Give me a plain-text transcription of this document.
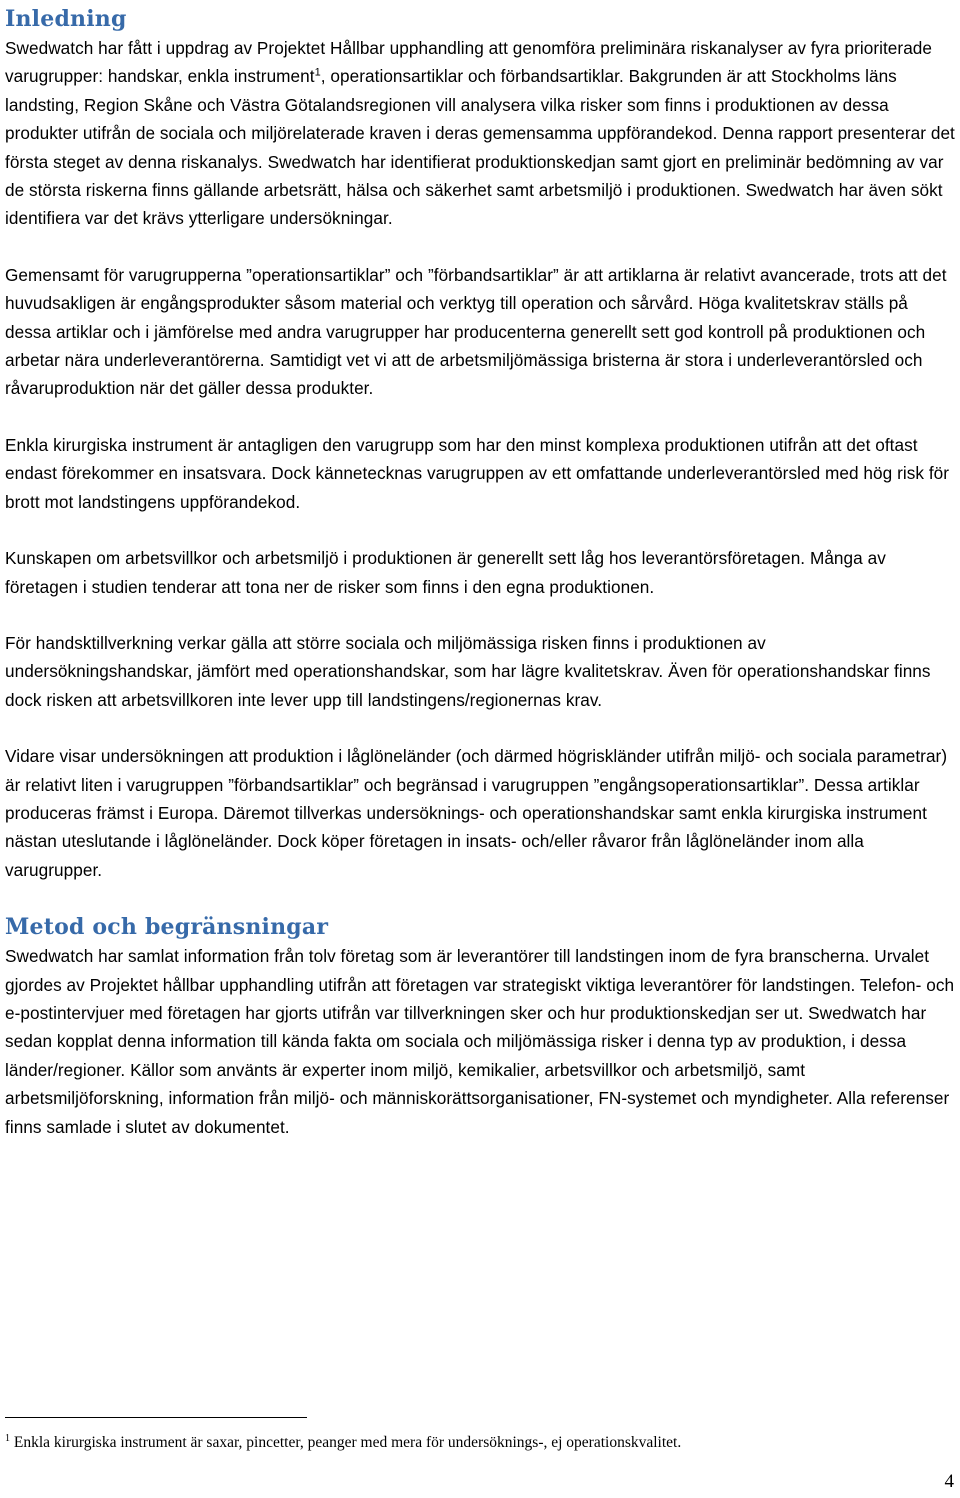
Inledning

Swedwatch har fått i uppdrag av Projektet Hållbar upphandling att genomföra preliminära riskanalyser av fyra prioriterade varugrupper: handskar, enkla instrument$^1$, operationsartiklar och förbandsartiklar. Bakgrunden är att Stockholms läns landsting, Region Skåne och Västra Götalandsregionen vill analysera vilka risker som finns i produktionen av dessa produkter utifrån de sociala och miljörelaterade kraven i deras gemensamma uppförandekod. Denna rapport presenterar det första steget av denna riskanalys. Swedwatch har identifierat produktionskedjan samt gjort en preliminär bedömning av var de största riskerna finns gällande arbetsrätt, hälsa och säkerhet samt arbetsmiljö i produktionen. Swedwatch har även sökt identifiera var det krävs ytterligare undersökningar.

Gemensamt för varugrupperna ”operationsartiklar” och ”förbandsartiklar” är att artiklarna är relativt avancerade, trots att det huvudsakligen är engångsprodukter såsom material och verktyg till operation och sårvård. Höga kvalitetskrav ställs på dessa artiklar och i jämförelse med andra varugrupper har producenterna generellt sett god kontroll på produktionen och arbetar nära underleverantörerna. Samtidigt vet vi att de arbetsmiljömässiga bristerna är stora i underleverantörsled och råvaruproduktion när det gäller dessa produkter.

Enkla kirurgiska instrument är antagligen den varugrupp som har den minst komplexa produktionen utifrån att det oftast endast förekommer en insatsvara. Dock kännetecknas varugruppen av ett omfattande underleverantörsled med hög risk för brott mot landstingens uppförandekod.

Kunskapen om arbetsvillkor och arbetsmiljö i produktionen är generellt sett låg hos leverantörsföretagen. Många av företagen i studien tenderar att tona ner de risker som finns i den egna produktionen.

För handsktillverkning verkar gälla att större sociala och miljömässiga risken finns i produktionen av undersökningshandskar, jämfört med operationshandskar, som har lägre kvalitetskrav. Även för operationshandskar finns dock risken att arbetsvillkoren inte lever upp till landstingens/regionernas krav.

Vidare visar undersökningen att produktion i låglöneländer (och därmed högriskländer utifrån miljö- och sociala parametrar) är relativt liten i varugruppen ”förbandsartiklar” och begränsad i varugruppen ”engångsoperationsartiklar”. Dessa artiklar produceras främst i Europa. Däremot tillverkas undersöknings- och operationshandskar samt enkla kirurgiska instrument nästan uteslutande i låglöneländer. Dock köper företagen in insats- och/eller råvaror från låglöneländer inom alla varugrupper.

Metod och begränsningar

Swedwatch har samlat information från tolv företag som är leverantörer till landstingen inom de fyra branscherna. Urvalet gjordes av Projektet hållbar upphandling utifrån att företagen var strategiskt viktiga leverantörer för landstingen. Telefon- och e-postintervjuer med företagen har gjorts utifrån var tillverkningen sker och hur produktionskedjan ser ut. Swedwatch har sedan kopplat denna information till kända fakta om sociala och miljömässiga risker i denna typ av produktion, i dessa länder/regioner. Källor som använts är experter inom miljö, kemikalier, arbetsvillkor och arbetsmiljö, samt arbetsmiljöforskning, information från miljö- och människorättsorganisationer, FN-systemet och myndigheter. Alla referenser finns samlade i slutet av dokumentet.

$^1$ Enkla kirurgiska instrument är saxar, pincetter, peanger med mera för undersöknings-, ej operationskvalitet.
4
